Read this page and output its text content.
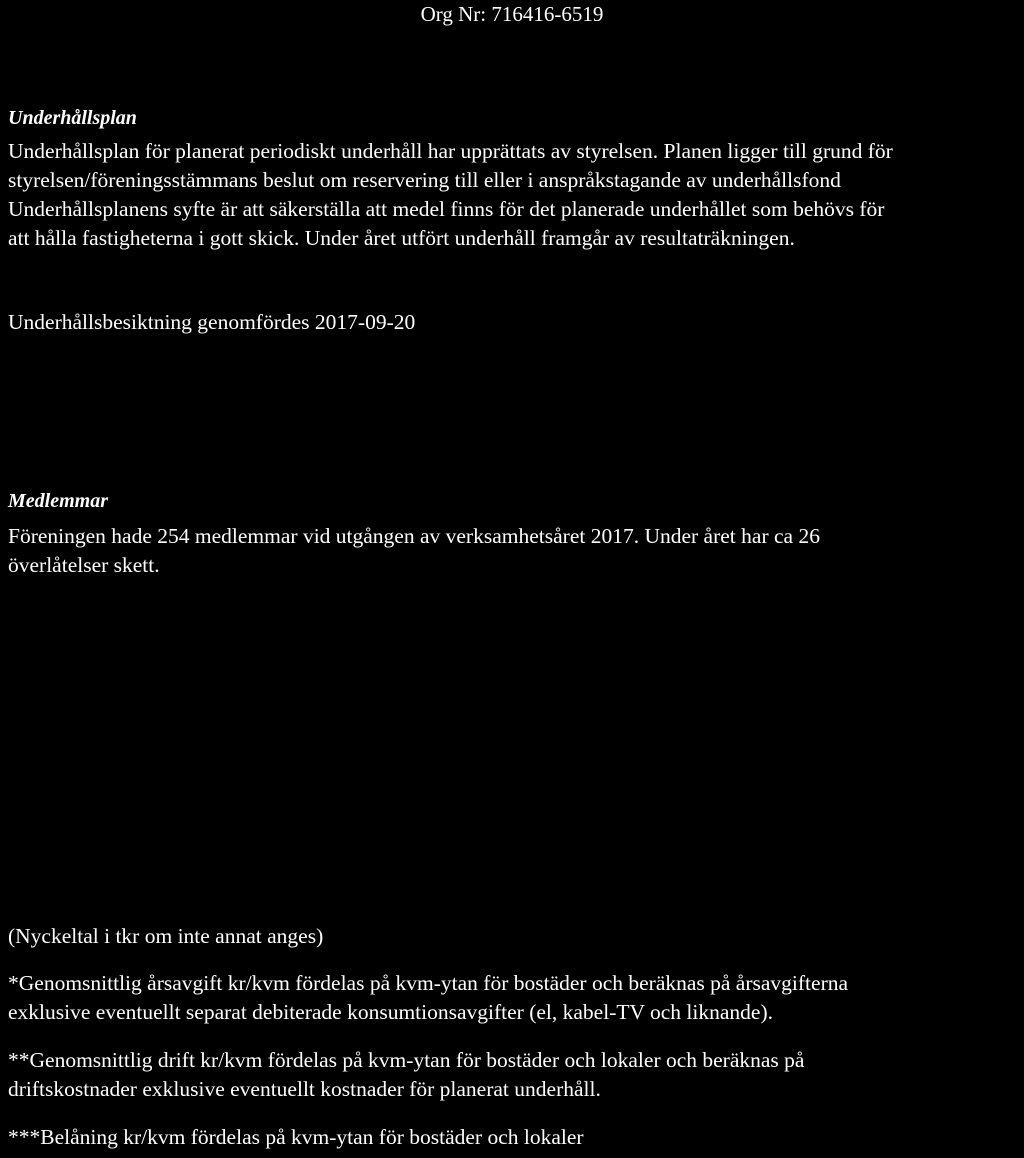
Org Nr: 716416-6519
Underhållsplan
Underhållsplan för planerat periodiskt underhåll har upprättats av styrelsen. Planen ligger till grund för
styrelsen/föreningsstämmans beslut om reservering till eller i anspråkstagande av underhållsfond
Underhållsplanens syfte är att säkerställa att medel finns för det planerade underhållet som behövs för
att hålla fastigheterna i gott skick. Under året utfört underhåll framgår av resultaträkningen.
Underhållsbesiktning genomfördes 2017-09-20
Medlemmar
Föreningen hade 254 medlemmar vid utgången av verksamhetsåret 2017. Under året har ca 26
överlåtelser skett.
(Nyckeltal i tkr om inte annat anges)
*Genomsnittlig årsavgift kr/kvm fördelas på kvm-ytan för bostäder och beräknas på årsavgifterna
exklusive eventuellt separat debiterade konsumtionsavgifter (el, kabel-TV och liknande).
**Genomsnittlig drift kr/kvm fördelas på kvm-ytan för bostäder och lokaler och beräknas på
driftskostnader exklusive eventuellt kostnader för planerat underhåll.
***Belåning kr/kvm fördelas på kvm-ytan för bostäder och lokaler
